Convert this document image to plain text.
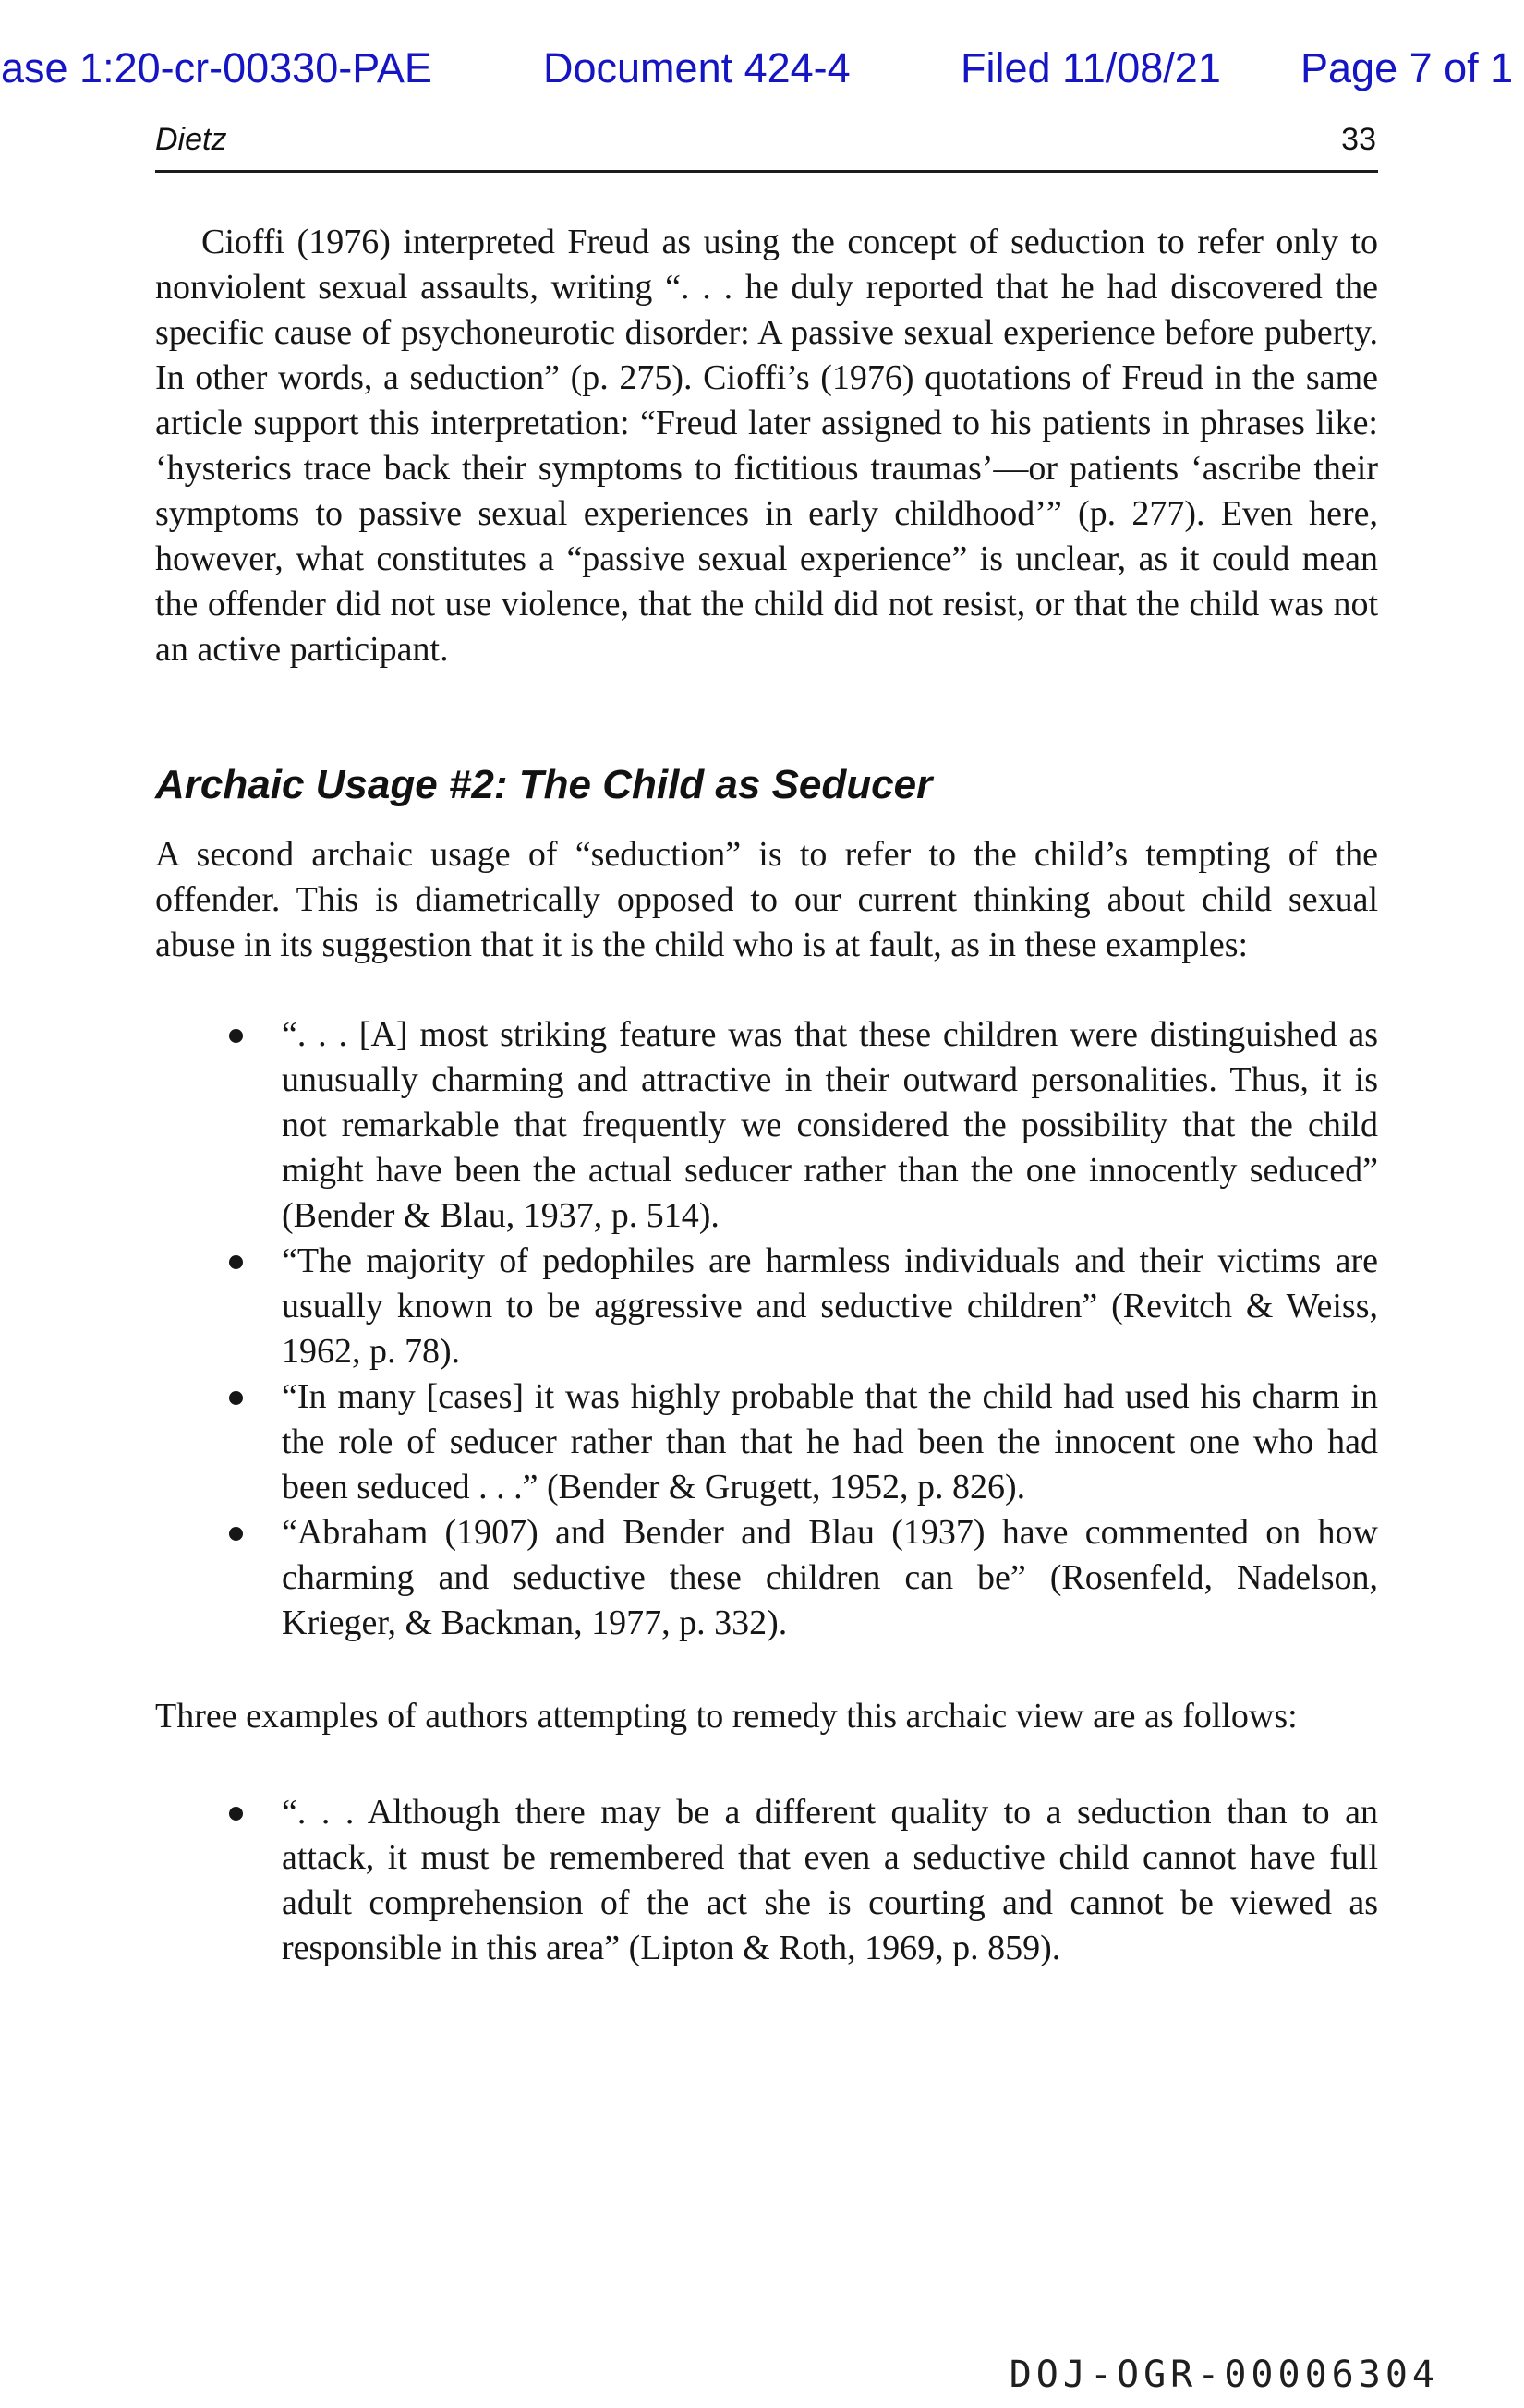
ase 1:20-cr-00330-PAE	Document 424-4	Filed 11/08/21 Page 7 of 1
Dietz	33

Cioffi (1976) interpreted Freud as using the concept of seduction to refer only to nonviolent sexual assaults, writing “. . . he duly reported that he had discovered the specific cause of psychoneurotic disorder: A passive sexual experience before puberty. In other words, a seduction” (p. 275). Cioffi’s (1976) quotations of Freud in the same article support this interpretation: “Freud later assigned to his patients in phrases like: ‘hysterics trace back their symptoms to fictitious traumas’—or patients ‘ascribe their symptoms to passive sexual experiences in early childhood’” (p. 277). Even here, however, what constitutes a “passive sexual experience” is unclear, as it could mean the offender did not use violence, that the child did not resist, or that the child was not an active participant.

Archaic Usage #2: The Child as Seducer

A second archaic usage of “seduction” is to refer to the child’s tempting of the offender. This is diametrically opposed to our current thinking about child sexual abuse in its suggestion that it is the child who is at fault, as in these examples:

“. . . [A] most striking feature was that these children were distinguished as unusually charming and attractive in their outward personalities. Thus, it is not remarkable that frequently we considered the possibility that the child might have been the actual seducer rather than the one innocently seduced” (Bender & Blau, 1937, p. 514).
“The majority of pedophiles are harmless individuals and their victims are usually known to be aggressive and seductive children” (Revitch & Weiss, 1962, p. 78).
“In many [cases] it was highly probable that the child had used his charm in the role of seducer rather than that he had been the innocent one who had been seduced . . .” (Bender & Grugett, 1952, p. 826).
“Abraham (1907) and Bender and Blau (1937) have commented on how charming and seductive these children can be” (Rosenfeld, Nadelson, Krieger, & Backman, 1977, p. 332).

Three examples of authors attempting to remedy this archaic view are as follows:

“. . . Although there may be a different quality to a seduction than to an attack, it must be remembered that even a seductive child cannot have full adult comprehension of the act she is courting and cannot be viewed as responsible in this area” (Lipton & Roth, 1969, p. 859).
DOJ-OGR-00006304
